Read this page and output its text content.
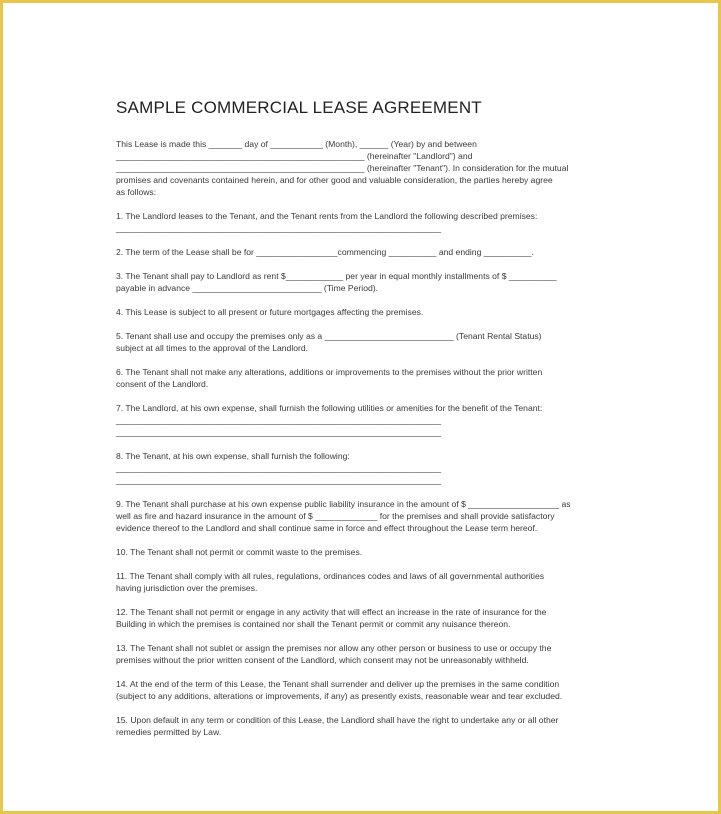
SAMPLE COMMERCIAL LEASE AGREEMENT
This Lease is made this _______ day of ___________ (Month), ______ (Year) by and between
____________________________________________________ (hereinafter "Landlord") and
____________________________________________________ (hereinafter "Tenant"). In consideration for the mutual
promises and covenants contained herein, and for other good and valuable consideration, the parties hereby agree
as follows:
1. The Landlord leases to the Tenant, and the Tenant rents from the Landlord the following described premises:
____________________________________________________________________
2. The term of the Lease shall be for _________________commencing __________ and ending __________.
3. The Tenant shall pay to Landlord as rent $____________ per year in equal monthly installments of $ __________
payable in advance ___________________________ (Time Period).
4. This Lease is subject to all present or future mortgages affecting the premises.
5. Tenant shall use and occupy the premises only as a ___________________________ (Tenant Rental Status)
subject at all times to the approval of the Landlord.
6. The Tenant shall not make any alterations, additions or improvements to the premises without the prior written
consent of the Landlord.
7. The Landlord, at his own expense, shall furnish the following utilities or amenities for the benefit of the Tenant:
____________________________________________________________________
____________________________________________________________________
8. The Tenant, at his own expense, shall furnish the following:
____________________________________________________________________
____________________________________________________________________
9. The Tenant shall purchase at his own expense public liability insurance in the amount of $ ___________________ as
well as fire and hazard insurance in the amount of $ _____________ for the premises and shall provide satisfactory
evidence thereof to the Landlord and shall continue same in force and effect throughout the Lease term hereof.
10. The Tenant shall not permit or commit waste to the premises.
11. The Tenant shall comply with all rules, regulations, ordinances codes and laws of all governmental authorities
having jurisdiction over the premises.
12. The Tenant shall not permit or engage in any activity that will effect an increase in the rate of insurance for the
Building in which the premises is contained nor shall the Tenant permit or commit any nuisance thereon.
13. The Tenant shall not sublet or assign the premises nor allow any other person or business to use or occupy the
premises without the prior written consent of the Landlord, which consent may not be unreasonably withheld.
14. At the end of the term of this Lease, the Tenant shall surrender and deliver up the premises in the same condition
(subject to any additions, alterations or improvements, if any) as presently exists, reasonable wear and tear excluded.
15. Upon default in any term or condition of this Lease, the Landlord shall have the right to undertake any or all other
remedies permitted by Law.
